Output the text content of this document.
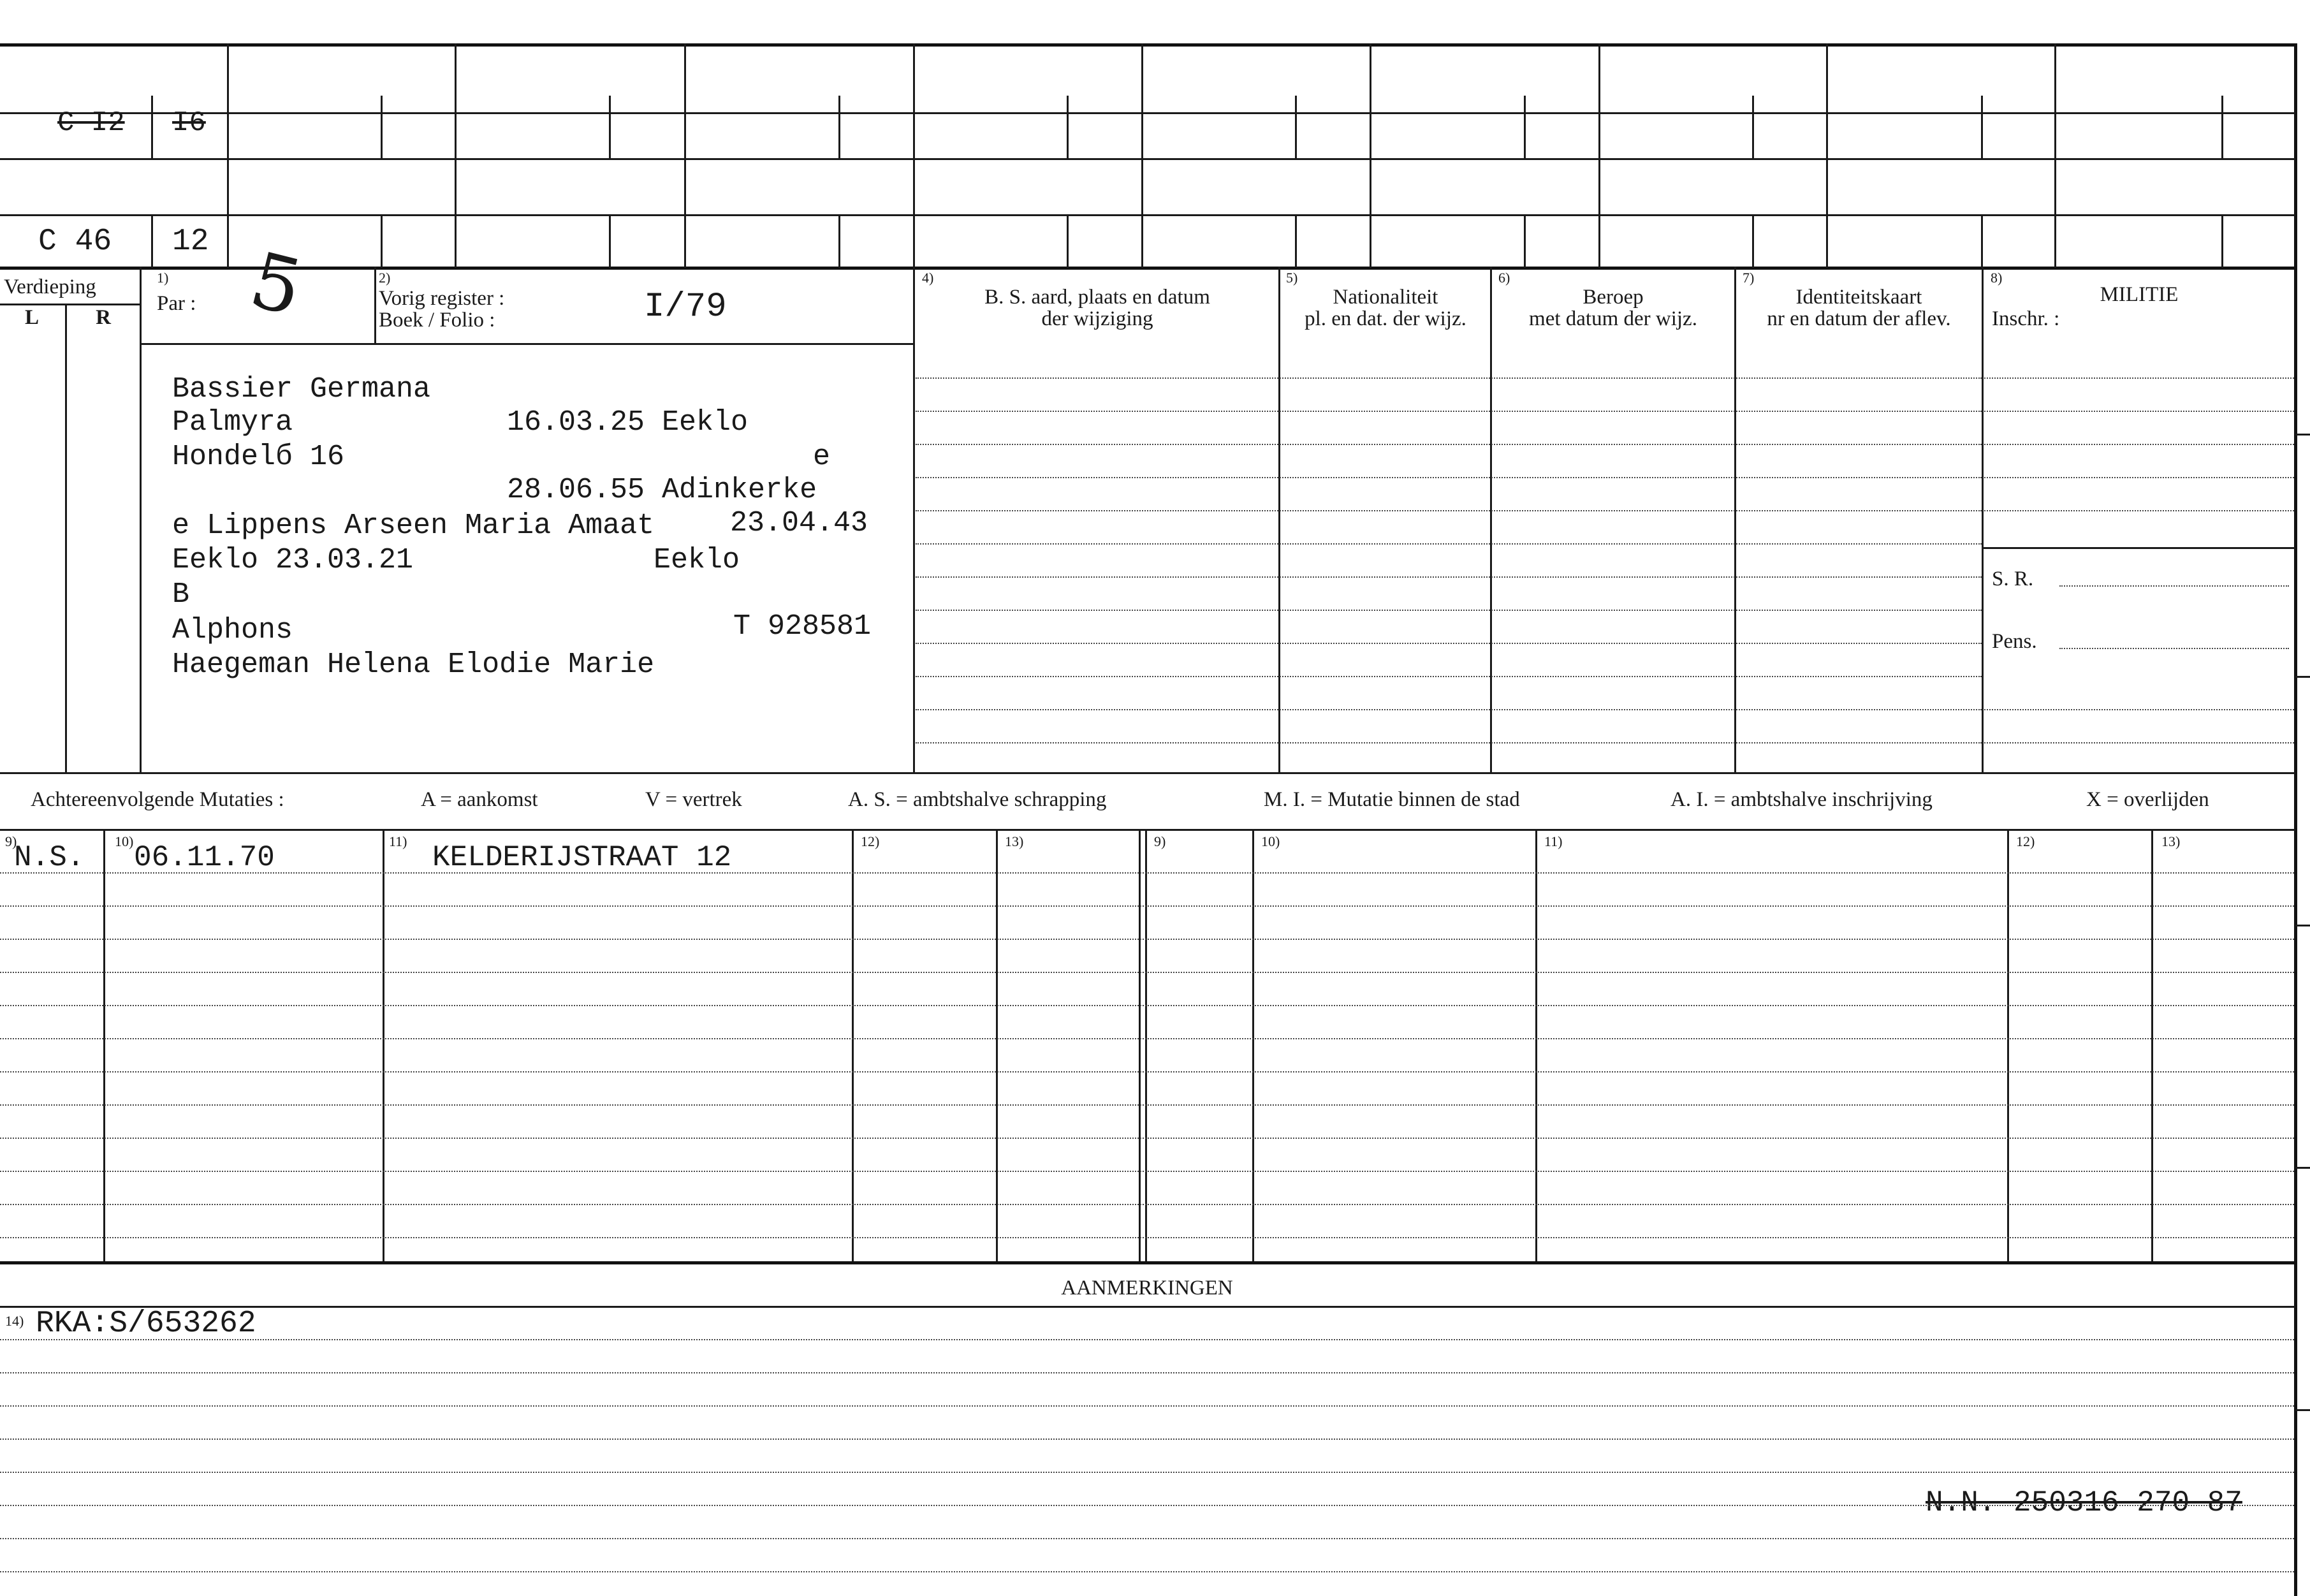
C I2 I6
C 46 12
Verdieping
L	R
1)
Par : 5	2)
Vorig register :
Boek / Folio :	I/79
4)
B. S. aard, plaats en datum
der wijziging
5)
Nationaliteit
pl. en dat. der wijz.
6)
Beroep
met datum der wijz.
7)
Identiteitskaart
nr en datum der aflev.
8)
MILITIE
Inschr. :
S. R.
Pens.
Bassier Germana
Palmyra	16.03.25 Eeklo
Hondelб 16	e
28.06.55 Adinkerke
e Lippens Arseen Maria Amaat	23.04.43
Eeklo 23.03.21	Eeklo
B
Alphons	T 928581
Haegeman Helena Elodie Marie
Achtereenvolgende Mutaties :	A = aankomst	V = vertrek	A. S. = ambtshalve schrapping	M. I. = Mutatie binnen de stad	A. I. = ambtshalve inschrijving	X = overlijden
9)	10)	11)	12)	13)	9)	10)	11)	12)	13)
N.S. 06.11.70	KELDERIJSTRAAT 12
AANMERKINGEN
14) RKA:S/653262
N.N. 250316 270 87
